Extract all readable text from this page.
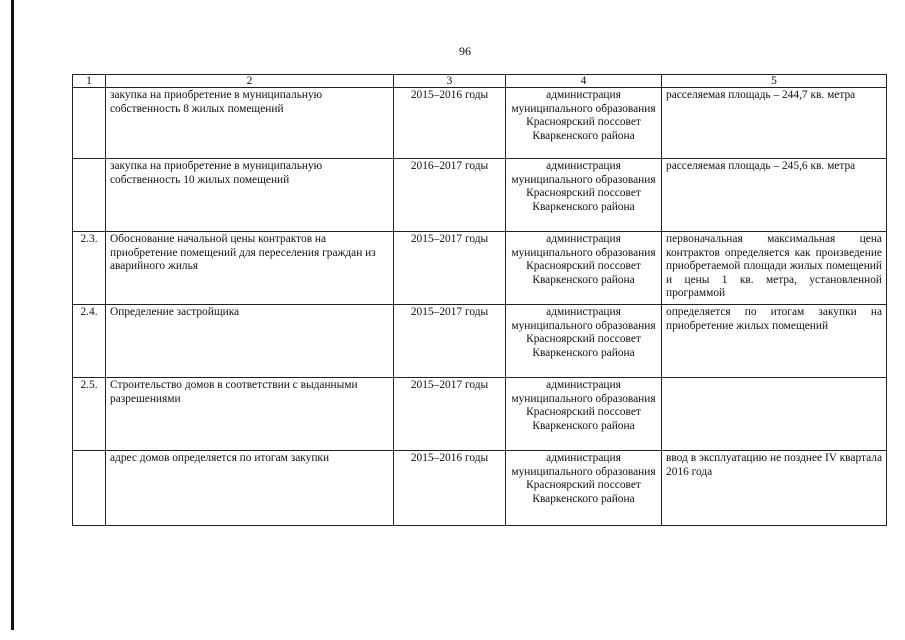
96
1	2	3	4	5
	закупка на приобретение в муниципальную собственность 8 жилых помещений	2015–2016 годы	администрация муниципального образования Красноярский поссовет Кваркенского района	расселяемая площадь – 244,7 кв. метра
	закупка на приобретение в муниципальную собственность 10 жилых помещений	2016–2017 годы	администрация муниципального образования Красноярский поссовет Кваркенского района	расселяемая площадь – 245,6 кв. метра
2.3.	Обоснование начальной цены контрактов на приобретение помещений для переселения граждан из аварийного жилья	2015–2017 годы	администрация муниципального образования Красноярский поссовет Кваркенского района	первоначальная максимальная цена контрактов определяется как произведение приобретаемой площади жилых помещений и цены 1 кв. метра, установленной программой
2.4.	Определение застройщика	2015–2017 годы	администрация муниципального образования Красноярский поссовет Кваркенского района	определяется по итогам закупки на приобретение жилых помещений
2.5.	Строительство домов в соответствии с выданными разрешениями	2015–2017 годы	администрация муниципального образования Красноярский поссовет Кваркенского района	
	адрес домов определяется по итогам закупки	2015–2016 годы	администрация муниципального образования Красноярский поссовет Кваркенского района	ввод в эксплуатацию не позднее IV квартала 2016 года
